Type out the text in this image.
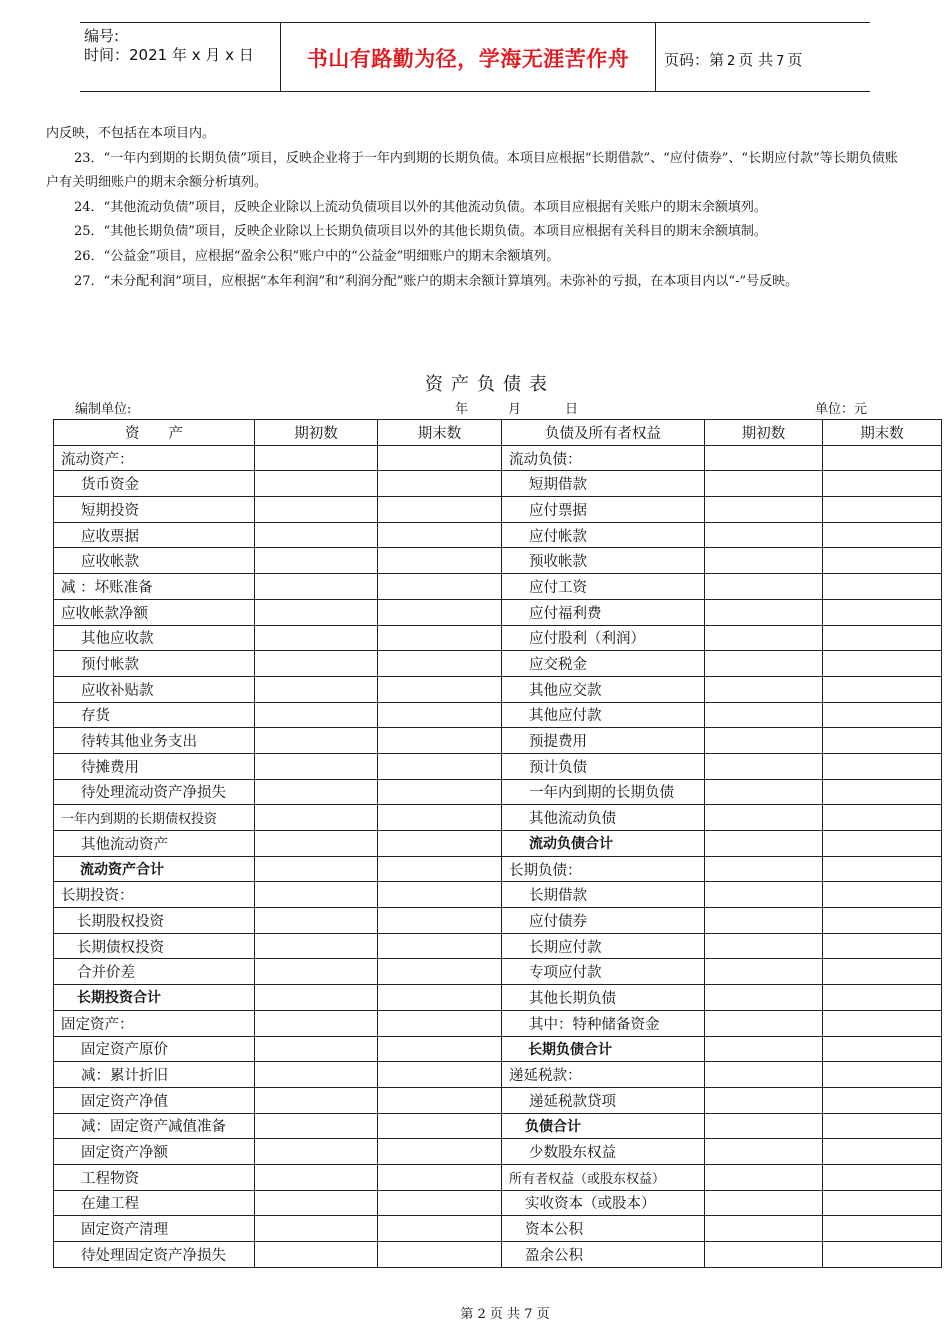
编号:
时间：2021 年 x 月 x 日	书山有路勤为径，学海无涯苦作舟	页码：第 2 页 共 7 页

内反映，不包括在本项目内。

23．“一年内到期的长期负债”项目，反映企业将于一年内到期的长期负债。本项目应根据“长期借款”、“应付债券”、“长期应付款”等长期负债账户有关明细账户的期末余额分析填列。

24．“其他流动负债”项目，反映企业除以上流动负债项目以外的其他流动负债。本项目应根据有关账户的期末余额填列。

25．“其他长期负债”项目，反映企业除以上长期负债项目以外的其他长期负债。本项目应根据有关科目的期末余额填制。

26．“公益金”项目，应根据“盈余公积”账户中的“公益金”明细账户的期末余额填列。

27．“未分配利润”项目，应根据“本年利润”和“利润分配”账户的期末余额计算填列。未弥补的亏损，在本项目内以“-”号反映。

资产负债表
编制单位:	年	月	日	单位：元
资　　产	期初数	期末数	负债及所有者权益	期初数	期末数
流动资产：			流动负债：		
货币资金			短期借款		
短期投资			应付票据		
应收票据			应付帐款		
应收帐款			预收帐款		
减 ：坏账准备			应付工资		
应收帐款净额			应付福利费		
其他应收款			应付股利（利润）		
预付帐款			应交税金		
应收补贴款			其他应交款		
存货			其他应付款		
待转其他业务支出			预提费用		
待摊费用			预计负债		
待处理流动资产净损失			一年内到期的长期负债		
一年内到期的长期债权投资			其他流动负债		
其他流动资产			流动负债合计		
流动资产合计			长期负债：		
长期投资：			长期借款		
长期股权投资			应付债券		
长期债权投资			长期应付款		
合并价差			专项应付款		
长期投资合计			其他长期负债		
固定资产：			其中：特种储备资金		
固定资产原价			长期负债合计		
减：累计折旧			递延税款：		
固定资产净值			递延税款贷项		
减：固定资产减值准备			负债合计		
固定资产净额			少数股东权益		
工程物资			所有者权益（或股东权益）		
在建工程			实收资本（或股本）		
固定资产清理			资本公积		
待处理固定资产净损失			盈余公积		
第 2 页 共 7 页
